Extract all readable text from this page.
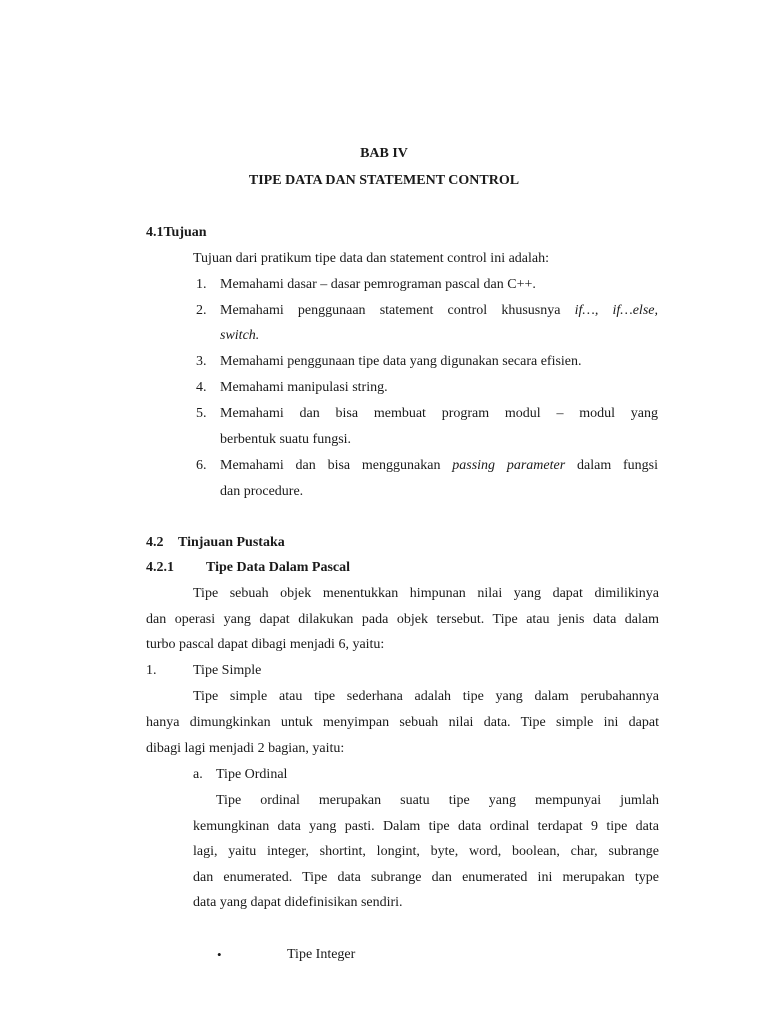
BAB IV
TIPE DATA DAN STATEMENT CONTROL
4.1Tujuan
Tujuan dari pratikum tipe data dan statement control ini adalah:
1. Memahami dasar – dasar pemrograman pascal dan C++.
2. Memahami penggunaan statement control khususnya if…, if…else,
switch.
3. Memahami penggunaan tipe data yang digunakan secara efisien.
4. Memahami manipulasi string.
5. Memahami dan bisa membuat program modul – modul yang
berbentuk suatu fungsi.
6. Memahami dan bisa menggunakan passing parameter dalam fungsi
dan procedure.
4.2 Tinjauan Pustaka
4.2.1 Tipe Data Dalam Pascal
Tipe sebuah objek menentukkan himpunan nilai yang dapat dimilikinya
dan operasi yang dapat dilakukan pada objek tersebut. Tipe atau jenis data dalam
turbo pascal dapat dibagi menjadi 6, yaitu:
1.	Tipe Simple
Tipe simple atau tipe sederhana adalah tipe yang dalam perubahannya
hanya dimungkinkan untuk menyimpan sebuah nilai data. Tipe simple ini dapat
dibagi lagi menjadi 2 bagian, yaitu:
a. Tipe Ordinal
Tipe ordinal merupakan suatu tipe yang mempunyai jumlah
kemungkinan data yang pasti. Dalam tipe data ordinal terdapat 9 tipe data
lagi, yaitu integer, shortint, longint, byte, word, boolean, char, subrange
dan enumerated. Tipe data subrange dan enumerated ini merupakan type
data yang dapat didefinisikan sendiri.
•	Tipe Integer
